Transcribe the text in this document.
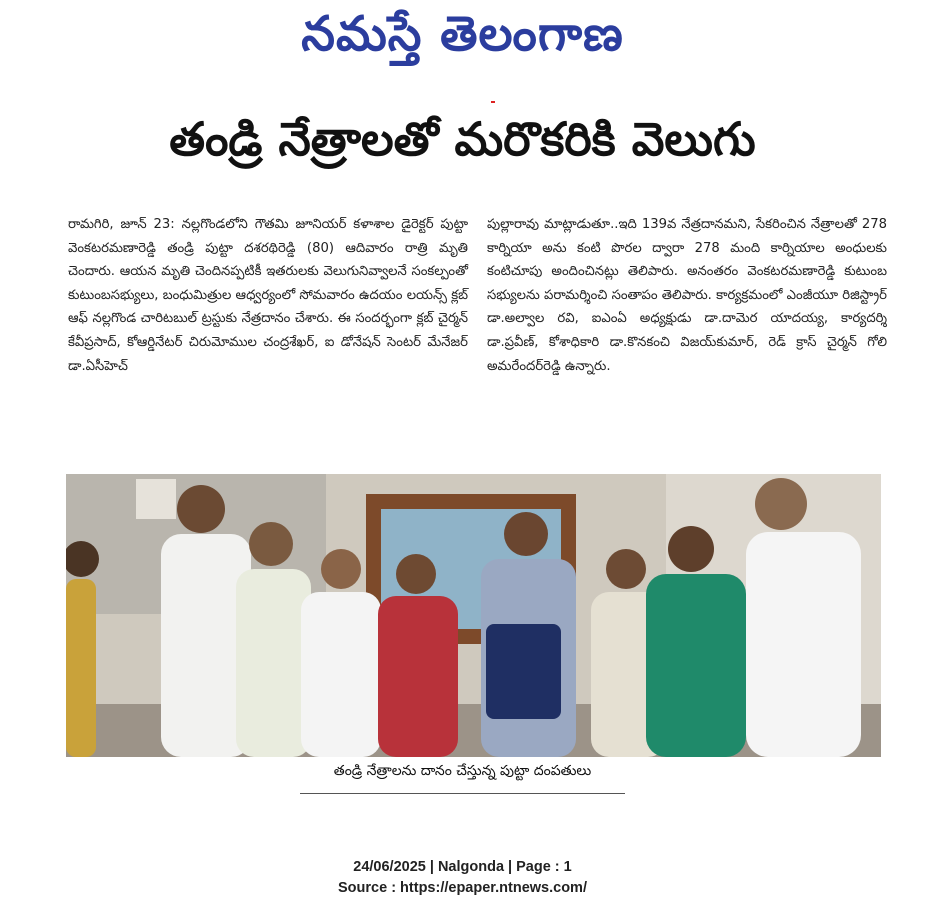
నమస్తే తెలంగాణ
తండ్రి నేత్రాలతో మరొకరికి వెలుగు

రామగిరి, జూన్ 23: నల్లగొండలోని గౌతమి జూనియర్ కళాశాల డైరెక్టర్ పుట్టా వెంకటరమణారెడ్డి తండ్రి పుట్టా దశరథిరెడ్డి (80) ఆదివారం రాత్రి మృతి చెందారు. ఆయన మృతి చెందినప్పటికీ ఇతరులకు వెలుగునివ్వాలనే సంకల్పంతో కుటుంబసభ్యులు, బంధుమిత్రుల ఆధ్వర్యంలో సోమవారం ఉదయం లయన్స్ క్లబ్ ఆఫ్ నల్లగొండ చారిటబుల్ ట్రస్టుకు నేత్రదానం చేశారు. ఈ సందర్భంగా క్లబ్ చైర్మన్ కేవీప్రసాద్, కోఆర్డినేటర్ చిరుమోముల చంద్రశేఖర్, ఐ డోనేషన్ సెంటర్ మేనేజర్ డా.ఏసీహెచ్

పుల్లారావు మాట్లాడుతూ..ఇది 139వ నేత్రదానమని, సేకరించిన నేత్రాలతో 278 కార్నియా అను కంటి పొరల ద్వారా 278 మంది కార్నియాల అంధులకు కంటిచూపు అందించినట్లు తెలిపారు. అనంతరం వెంకటరమణారెడ్డి కుటుంబ సభ్యులను పరామర్శించి సంతాపం తెలిపారు. కార్యక్రమంలో ఎంజీయూ రిజిస్ట్రార్ డా.అల్వాల రవి, ఐఎంఏ అధ్యక్షుడు డా.దామెర యాదయ్య, కార్యదర్శి డా.ప్రవీణ్, కోశాధికారి డా.కొనకంచి విజయ్‌కుమార్, రెడ్ క్రాస్ చైర్మన్ గోలి అమరేందర్‌రెడ్డి ఉన్నారు.

తండ్రి నేత్రాలను దానం చేస్తున్న పుట్టా దంపతులు
24/06/2025 | Nalgonda | Page : 1
Source : https://epaper.ntnews.com/
